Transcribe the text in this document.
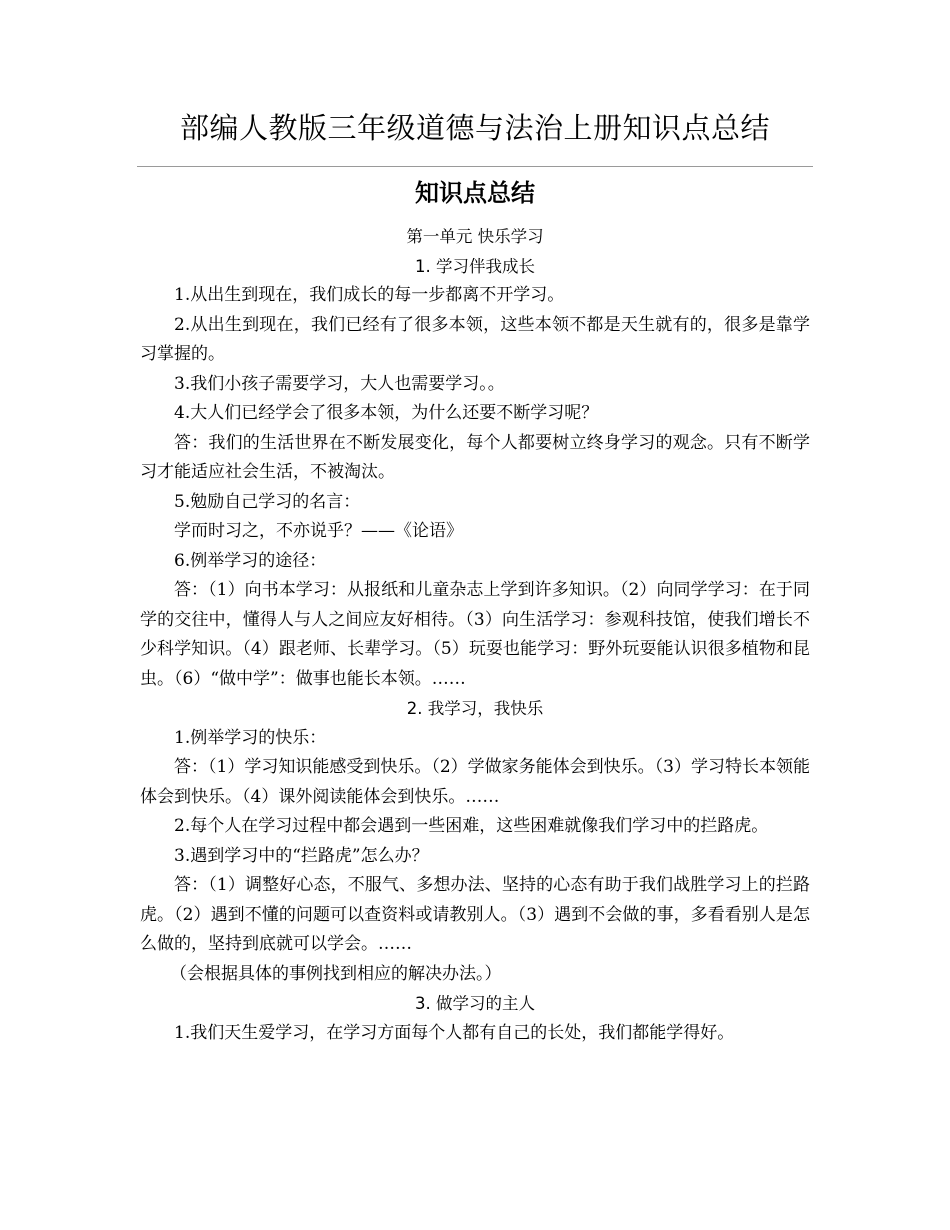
部编人教版三年级道德与法治上册知识点总结
知识点总结
第一单元 快乐学习
1. 学习伴我成长
1.从出生到现在，我们成长的每一步都离不开学习。
2.从出生到现在，我们已经有了很多本领，这些本领不都是天生就有的，很多是靠学习掌握的。
3.我们小孩子需要学习，大人也需要学习。。
4.大人们已经学会了很多本领，为什么还要不断学习呢？
答：我们的生活世界在不断发展变化，每个人都要树立终身学习的观念。只有不断学习才能适应社会生活，不被淘汰。
5.勉励自己学习的名言：
学而时习之，不亦说乎？——《论语》
6.例举学习的途径：
答：（1）向书本学习：从报纸和儿童杂志上学到许多知识。（2）向同学学习：在于同学的交往中，懂得人与人之间应友好相待。（3）向生活学习：参观科技馆，使我们增长不少科学知识。（4）跟老师、长辈学习。（5）玩耍也能学习：野外玩耍能认识很多植物和昆虫。（6）“做中学”：做事也能长本领。……
2. 我学习，我快乐
1.例举学习的快乐：
答：（1）学习知识能感受到快乐。（2）学做家务能体会到快乐。（3）学习特长本领能体会到快乐。（4）课外阅读能体会到快乐。……
2.每个人在学习过程中都会遇到一些困难，这些困难就像我们学习中的拦路虎。
3.遇到学习中的“拦路虎”怎么办？
答：（1）调整好心态，不服气、多想办法、坚持的心态有助于我们战胜学习上的拦路虎。（2）遇到不懂的问题可以查资料或请教别人。（3）遇到不会做的事，多看看别人是怎么做的，坚持到底就可以学会。……
（会根据具体的事例找到相应的解决办法。）
3. 做学习的主人
1.我们天生爱学习，在学习方面每个人都有自己的长处，我们都能学得好。
